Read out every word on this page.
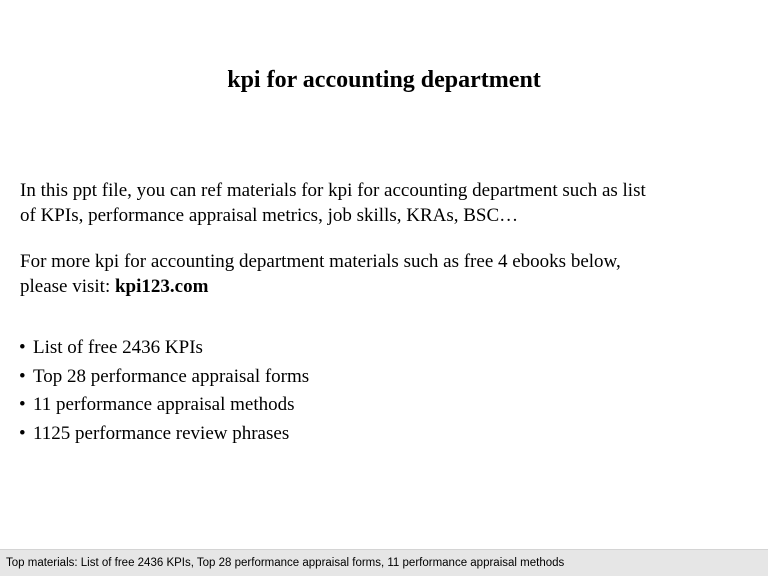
kpi for accounting department

In this ppt file, you can ref materials for kpi for accounting department such as list
of KPIs, performance appraisal metrics, job skills, KRAs, BSC…

For more kpi for accounting department materials such as free 4 ebooks below,
please visit: kpi123.com

• List of free 2436 KPIs
• Top 28 performance appraisal forms
• 11 performance appraisal methods
• 1125 performance review phrases
Top materials: List of free 2436 KPIs, Top 28 performance appraisal forms, 11 performance appraisal methods
